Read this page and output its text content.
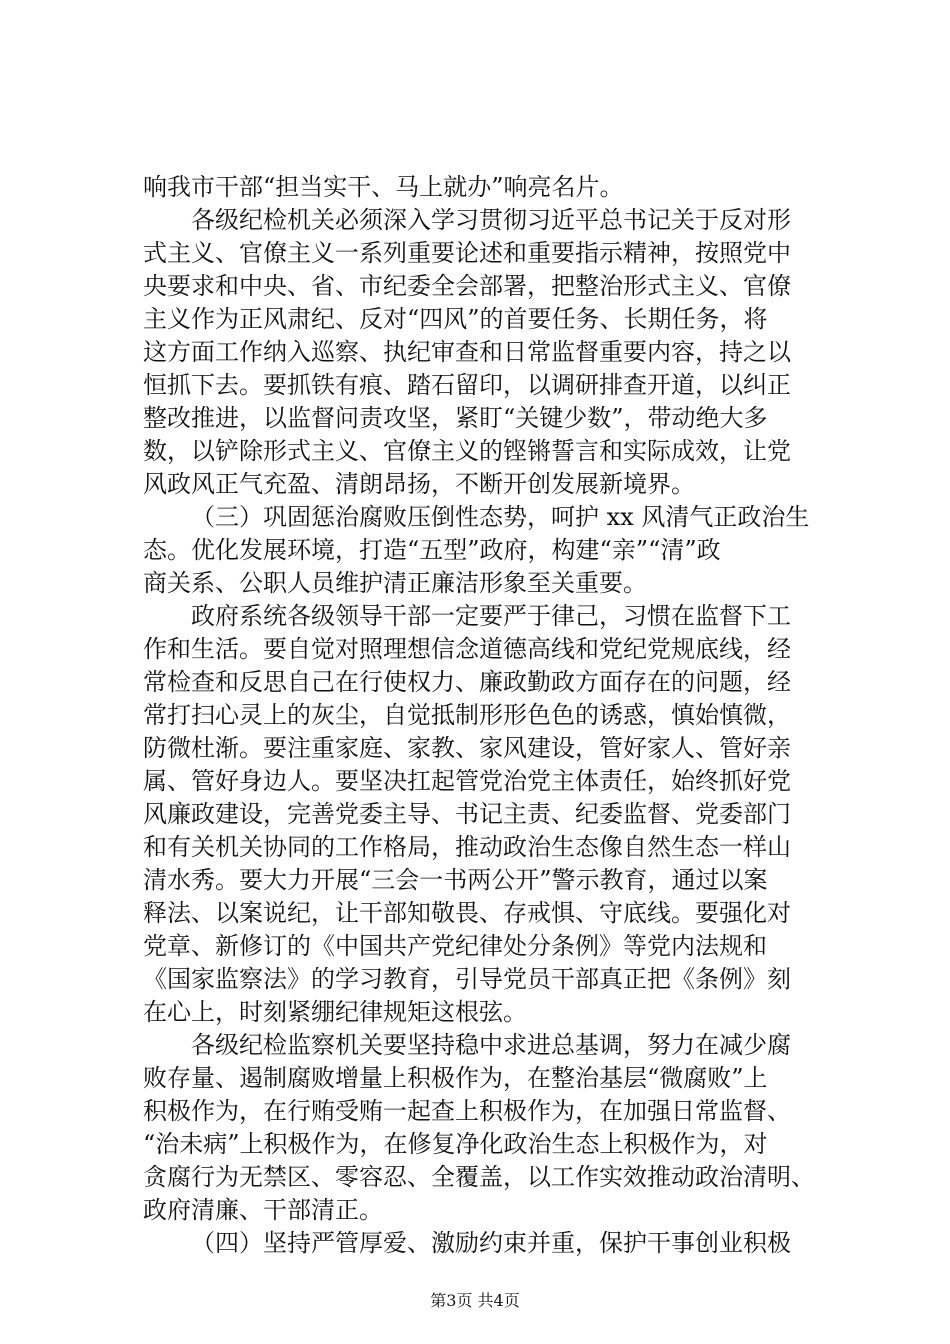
响我市干部“担当实干、马上就办”响亮名片。
各级纪检机关必须深入学习贯彻习近平总书记关于反对形
式主义、官僚主义一系列重要论述和重要指示精神，按照党中
央要求和中央、省、市纪委全会部署，把整治形式主义、官僚
主义作为正风肃纪、反对“四风”的首要任务、长期任务，将
这方面工作纳入巡察、执纪审查和日常监督重要内容，持之以
恒抓下去。要抓铁有痕、踏石留印，以调研排查开道，以纠正
整改推进，以监督问责攻坚，紧盯“关键少数”，带动绝大多
数，以铲除形式主义、官僚主义的铿锵誓言和实际成效，让党
风政风正气充盈、清朗昂扬，不断开创发展新境界。
（三）巩固惩治腐败压倒性态势，呵护 xx 风清气正政治生
态。优化发展环境，打造“五型”政府，构建“亲”“清”政
商关系、公职人员维护清正廉洁形象至关重要。
政府系统各级领导干部一定要严于律己，习惯在监督下工
作和生活。要自觉对照理想信念道德高线和党纪党规底线，经
常检查和反思自己在行使权力、廉政勤政方面存在的问题，经
常打扫心灵上的灰尘，自觉抵制形形色色的诱惑，慎始慎微，
防微杜渐。要注重家庭、家教、家风建设，管好家人、管好亲
属、管好身边人。要坚决扛起管党治党主体责任，始终抓好党
风廉政建设，完善党委主导、书记主责、纪委监督、党委部门
和有关机关协同的工作格局，推动政治生态像自然生态一样山
清水秀。要大力开展“三会一书两公开”警示教育，通过以案
释法、以案说纪，让干部知敬畏、存戒惧、守底线。要强化对
党章、新修订的《中国共产党纪律处分条例》等党内法规和
《国家监察法》的学习教育，引导党员干部真正把《条例》刻
在心上，时刻紧绷纪律规矩这根弦。
各级纪检监察机关要坚持稳中求进总基调，努力在减少腐
败存量、遏制腐败增量上积极作为，在整治基层“微腐败”上
积极作为，在行贿受贿一起查上积极作为，在加强日常监督、
“治未病”上积极作为，在修复净化政治生态上积极作为，对
贪腐行为无禁区、零容忍、全覆盖，以工作实效推动政治清明、
政府清廉、干部清正。
（四）坚持严管厚爱、激励约束并重，保护干事创业积极
第3页 共4页
